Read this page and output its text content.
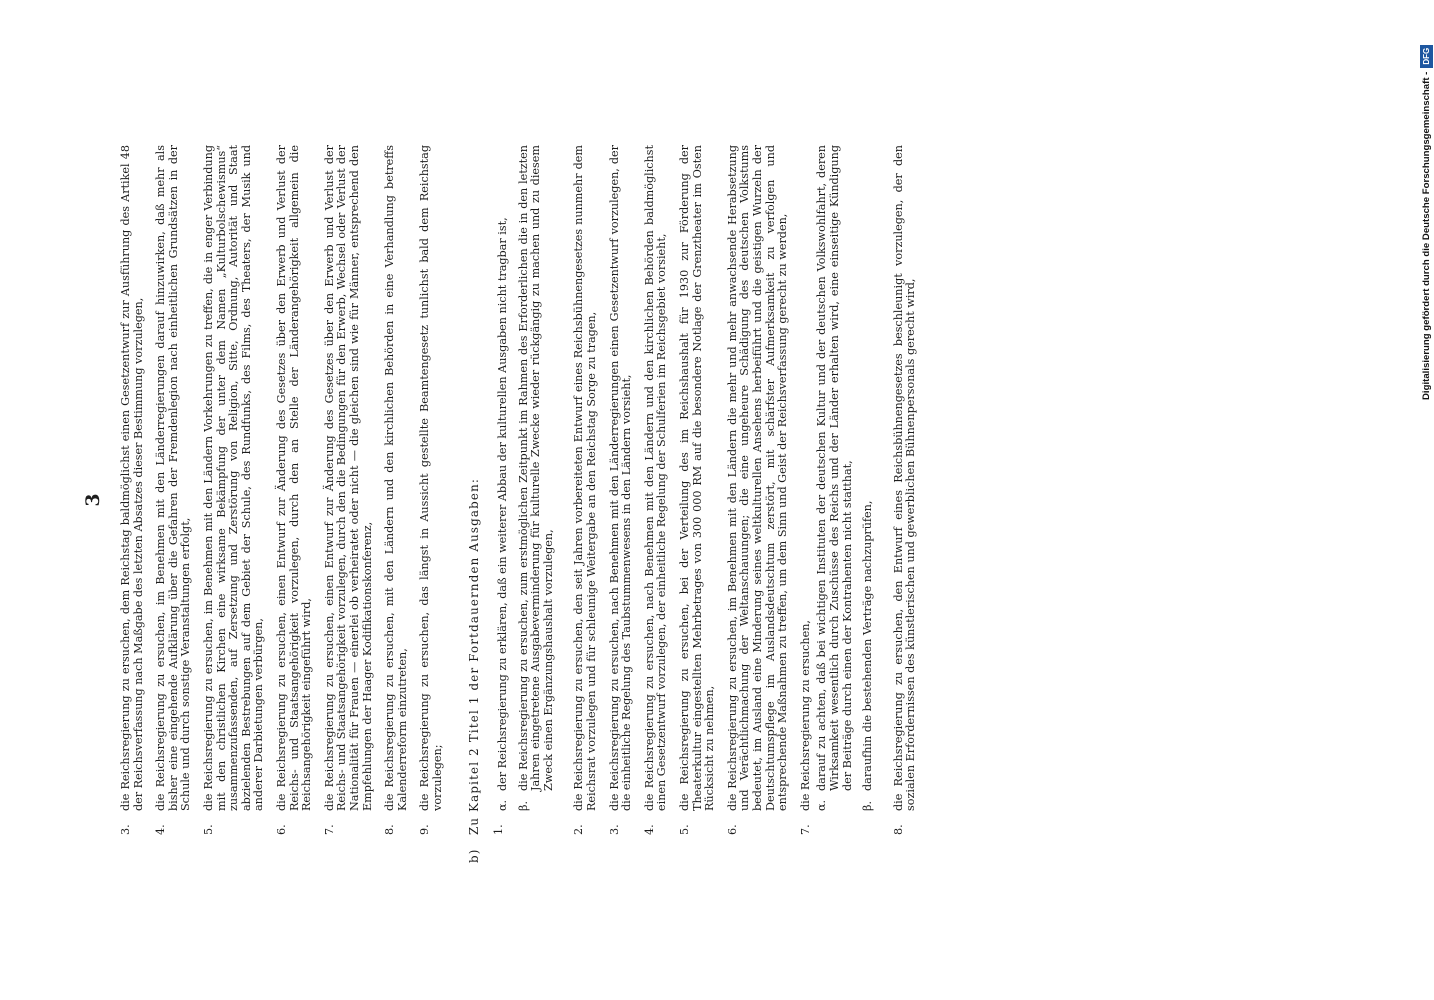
3
3.
die Reichsregierung zu ersuchen, dem Reichstag baldmöglichst einen Gesetzentwurf zur Ausführung des Artikel 48 der Reichsverfassung nach Maßgabe des letzten Absatzes dieser Bestimmung vorzulegen,
4.
die Reichsregierung zu ersuchen, im Benehmen mit den Länderregierungen darauf hinzuwirken, daß mehr als bisher eine eingehende Aufklärung über die Gefahren der Fremdenlegion nach einheitlichen Grundsätzen in der Schule und durch sonstige Veranstaltungen erfolgt,
5.
die Reichsregierung zu ersuchen, im Benehmen mit den Ländern Vorkehrungen zu treffen, die in enger Verbindung mit den christlichen Kirchen eine wirksame Bekämpfung der unter dem Namen „Kulturbolschewismus“ zusammenzufassenden, auf Zersetzung und Zerstörung von Religion, Sitte, Ordnung, Autorität und Staat abzielenden Bestrebungen auf dem Gebiet der Schule, des Rundfunks, des Films, des Theaters, der Musik und anderer Darbietungen verbürgen,
6.
die Reichsregierung zu ersuchen, einen Entwurf zur Änderung des Gesetzes über den Erwerb und Verlust der Reichs- und Staatsangehörigkeit vorzulegen, durch den an Stelle der Länderangehörigkeit allgemein die Reichsangehörigkeit eingeführt wird,
7.
die Reichsregierung zu ersuchen, einen Entwurf zur Änderung des Gesetzes über den Erwerb und Verlust der Reichs- und Staatsangehörigkeit vorzulegen, durch den die Bedingungen für den Erwerb, Wechsel oder Verlust der Nationalität für Frauen — einerlei ob verheiratet oder nicht — die gleichen sind wie für Männer, entsprechend den Empfehlungen der Haager Kodifikationskonferenz,
8.
die Reichsregierung zu ersuchen, mit den Ländern und den kirchlichen Behörden in eine Verhandlung betreffs Kalenderreform einzutreten,
9.
die Reichsregierung zu ersuchen, das längst in Aussicht gestellte Beamtengesetz tunlichst bald dem Reichstag vorzulegen;
b)
Zu Kapitel 2 Titel 1 der Fortdauernden Ausgaben: 1.
α.
der Reichsregierung zu erklären, daß ein weiterer Abbau der kulturellen Ausgaben nicht tragbar ist,
β.
die Reichsregierung zu ersuchen, zum erstmöglichen Zeitpunkt im Rahmen des Erforderlichen die in den letzten Jahren eingetretene Ausgabeverminderung für kulturelle Zwecke wieder rückgängig zu machen und zu diesem Zweck einen Ergänzungshaushalt vorzulegen,
2.
die Reichsregierung zu ersuchen, den seit Jahren vorbereiteten Entwurf eines Reichsbühnengesetzes nunmehr dem Reichsrat vorzulegen und für schleunige Weitergabe an den Reichstag Sorge zu tragen,
3.
die Reichsregierung zu ersuchen, nach Benehmen mit den Länderregierungen einen Gesetzentwurf vorzulegen, der die einheitliche Regelung des Taubstummenwesens in den Ländern vorsieht,
4.
die Reichsregierung zu ersuchen, nach Benehmen mit den Ländern und den kirchlichen Behörden baldmöglichst einen Gesetzentwurf vorzulegen, der einheitliche Regelung der Schulferien im Reichsgebiet vorsieht,
5.
die Reichsregierung zu ersuchen, bei der Verteilung des im Reichshaushalt für 1930 zur Förderung der Theaterkultur eingestellten Mehrbetrages von 300 000 RM auf die besondere Notlage der Grenztheater im Osten Rücksicht zu nehmen,
6.
die Reichsregierung zu ersuchen, im Benehmen mit den Ländern die mehr und mehr anwachsende Herabsetzung und Verächtlichmachung der Weltanschauungen; die eine ungeheure Schädigung des deutschen Volkstums bedeutet, im Ausland eine Minderung seines weltkulturellen Ansehens herbeiführt und die geistigen Wurzeln der Deutschtumspflege im Auslandsdeutschtum zerstört, mit schärfster Aufmerksamkeit zu verfolgen und entsprechende Maßnahmen zu treffen, um dem Sinn und Geist der Reichsverfassung gerecht zu werden,
7.
die Reichsregierung zu ersuchen, α.
darauf zu achten, daß bei wichtigen Instituten der deutschen Kultur und der deutschen Volkswohlfahrt, deren Wirksamkeit wesentlich durch Zuschüsse des Reichs und der Länder erhalten wird, eine einseitige Kündigung der Beiträge durch einen der Kontrahenten nicht statthat,
β.
daraufhin die bestehenden Verträge nachzuprüfen,
8.
die Reichsregierung zu ersuchen, den Entwurf eines Reichsbühnengesetzes beschleunigt vorzulegen, der den sozialen Erfordernissen des künstlerischen und gewerblichen Bühnenpersonals gerecht wird,
Digitalisierung gefördert durch die Deutsche Forschungsgemeinschaft -
DFG
